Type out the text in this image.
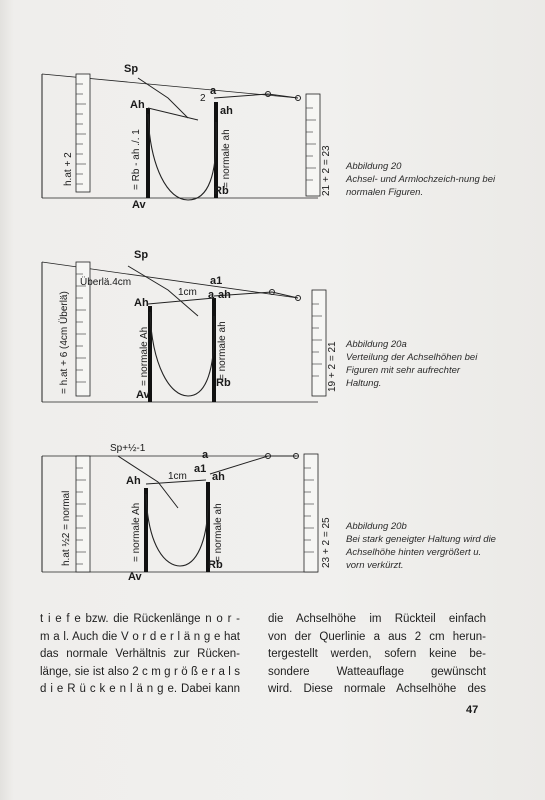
Sp
Ah
a
2
ah
Av
Rb
= Rb - ah ./. 1	= normale ah
h.at + 2	21 + 2 = 23 Abbildung 20
Achsel- und Armlochzeich-nung bei normalen Figuren.
Sp
Überlä.4cm
1cm
a1
a ah
Ah
Av
Rb
= normale Ah	= normale ah
= h.at + 6 (4cm Überlä)	19 + 2 = 21 Abbildung 20a
Verteilung der Achselhöhen bei Figuren mit sehr aufrechter Haltung.
Sp+½-1
1cm
a
a1
Ah	ah
Av
Rb
= normale Ah	= normale ah
h.at ½2 = normal	23 + 2 = 25 Abbildung 20b
Bei stark geneigter Haltung wird die Achselhöhe hinten vergrößert u. vorn verkürzt.
t i e f e bzw. die Rückenlänge n o r -
m a l. Auch die V o r d e r l ä n g e hat
das normale Verhältnis zur Rücken-
länge, sie ist also 2 c m g r ö ß e r a l s
d i e R ü c k e n l ä n g e. Dabei kann
die Achselhöhe im Rückteil einfach
von der Querlinie a aus 2 cm herun-
tergestellt werden, sofern keine be-
sondere Watteauflage gewünscht
wird. Diese normale Achselhöhe des
47
